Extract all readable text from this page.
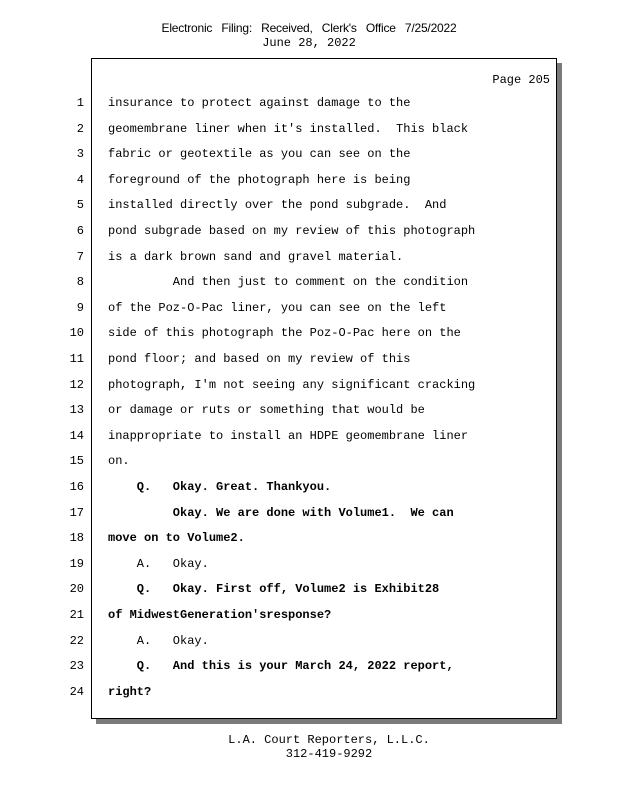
Electronic Filing: Received, Clerk's Office 7/25/2022
June 28, 2022
Page 205
1 insurance to protect against damage to the
2 geomembrane liner when it's installed.  This black
3 fabric or geotextile as you can see on the
4 foreground of the photograph here is being
5 installed directly over the pond subgrade.  And
6 pond subgrade based on my review of this photograph
7 is a dark brown sand and gravel material.
8 And then just to comment on the condition
9 of the Poz-O-Pac liner, you can see on the left
10 side of this photograph the Poz-O-Pac here on the
11 pond floor; and based on my review of this
12 photograph, I'm not seeing any significant cracking
13 or damage or ruts or something that would be
14 inappropriate to install an HDPE geomembrane liner
15 on.
16 Q.   Okay. Great. Thankyou.
17 Okay. We are done with Volume1.  We can
18 move on to Volume2.
19 A.   Okay.
20 Q.   Okay. First off, Volume2 is Exhibit28
21 of MidwestGeneration'sresponse?
22 A.   Okay.
23 Q.   And this is your March 24, 2022 report,
24 right?
L.A. Court Reporters, L.L.C.
312-419-9292
